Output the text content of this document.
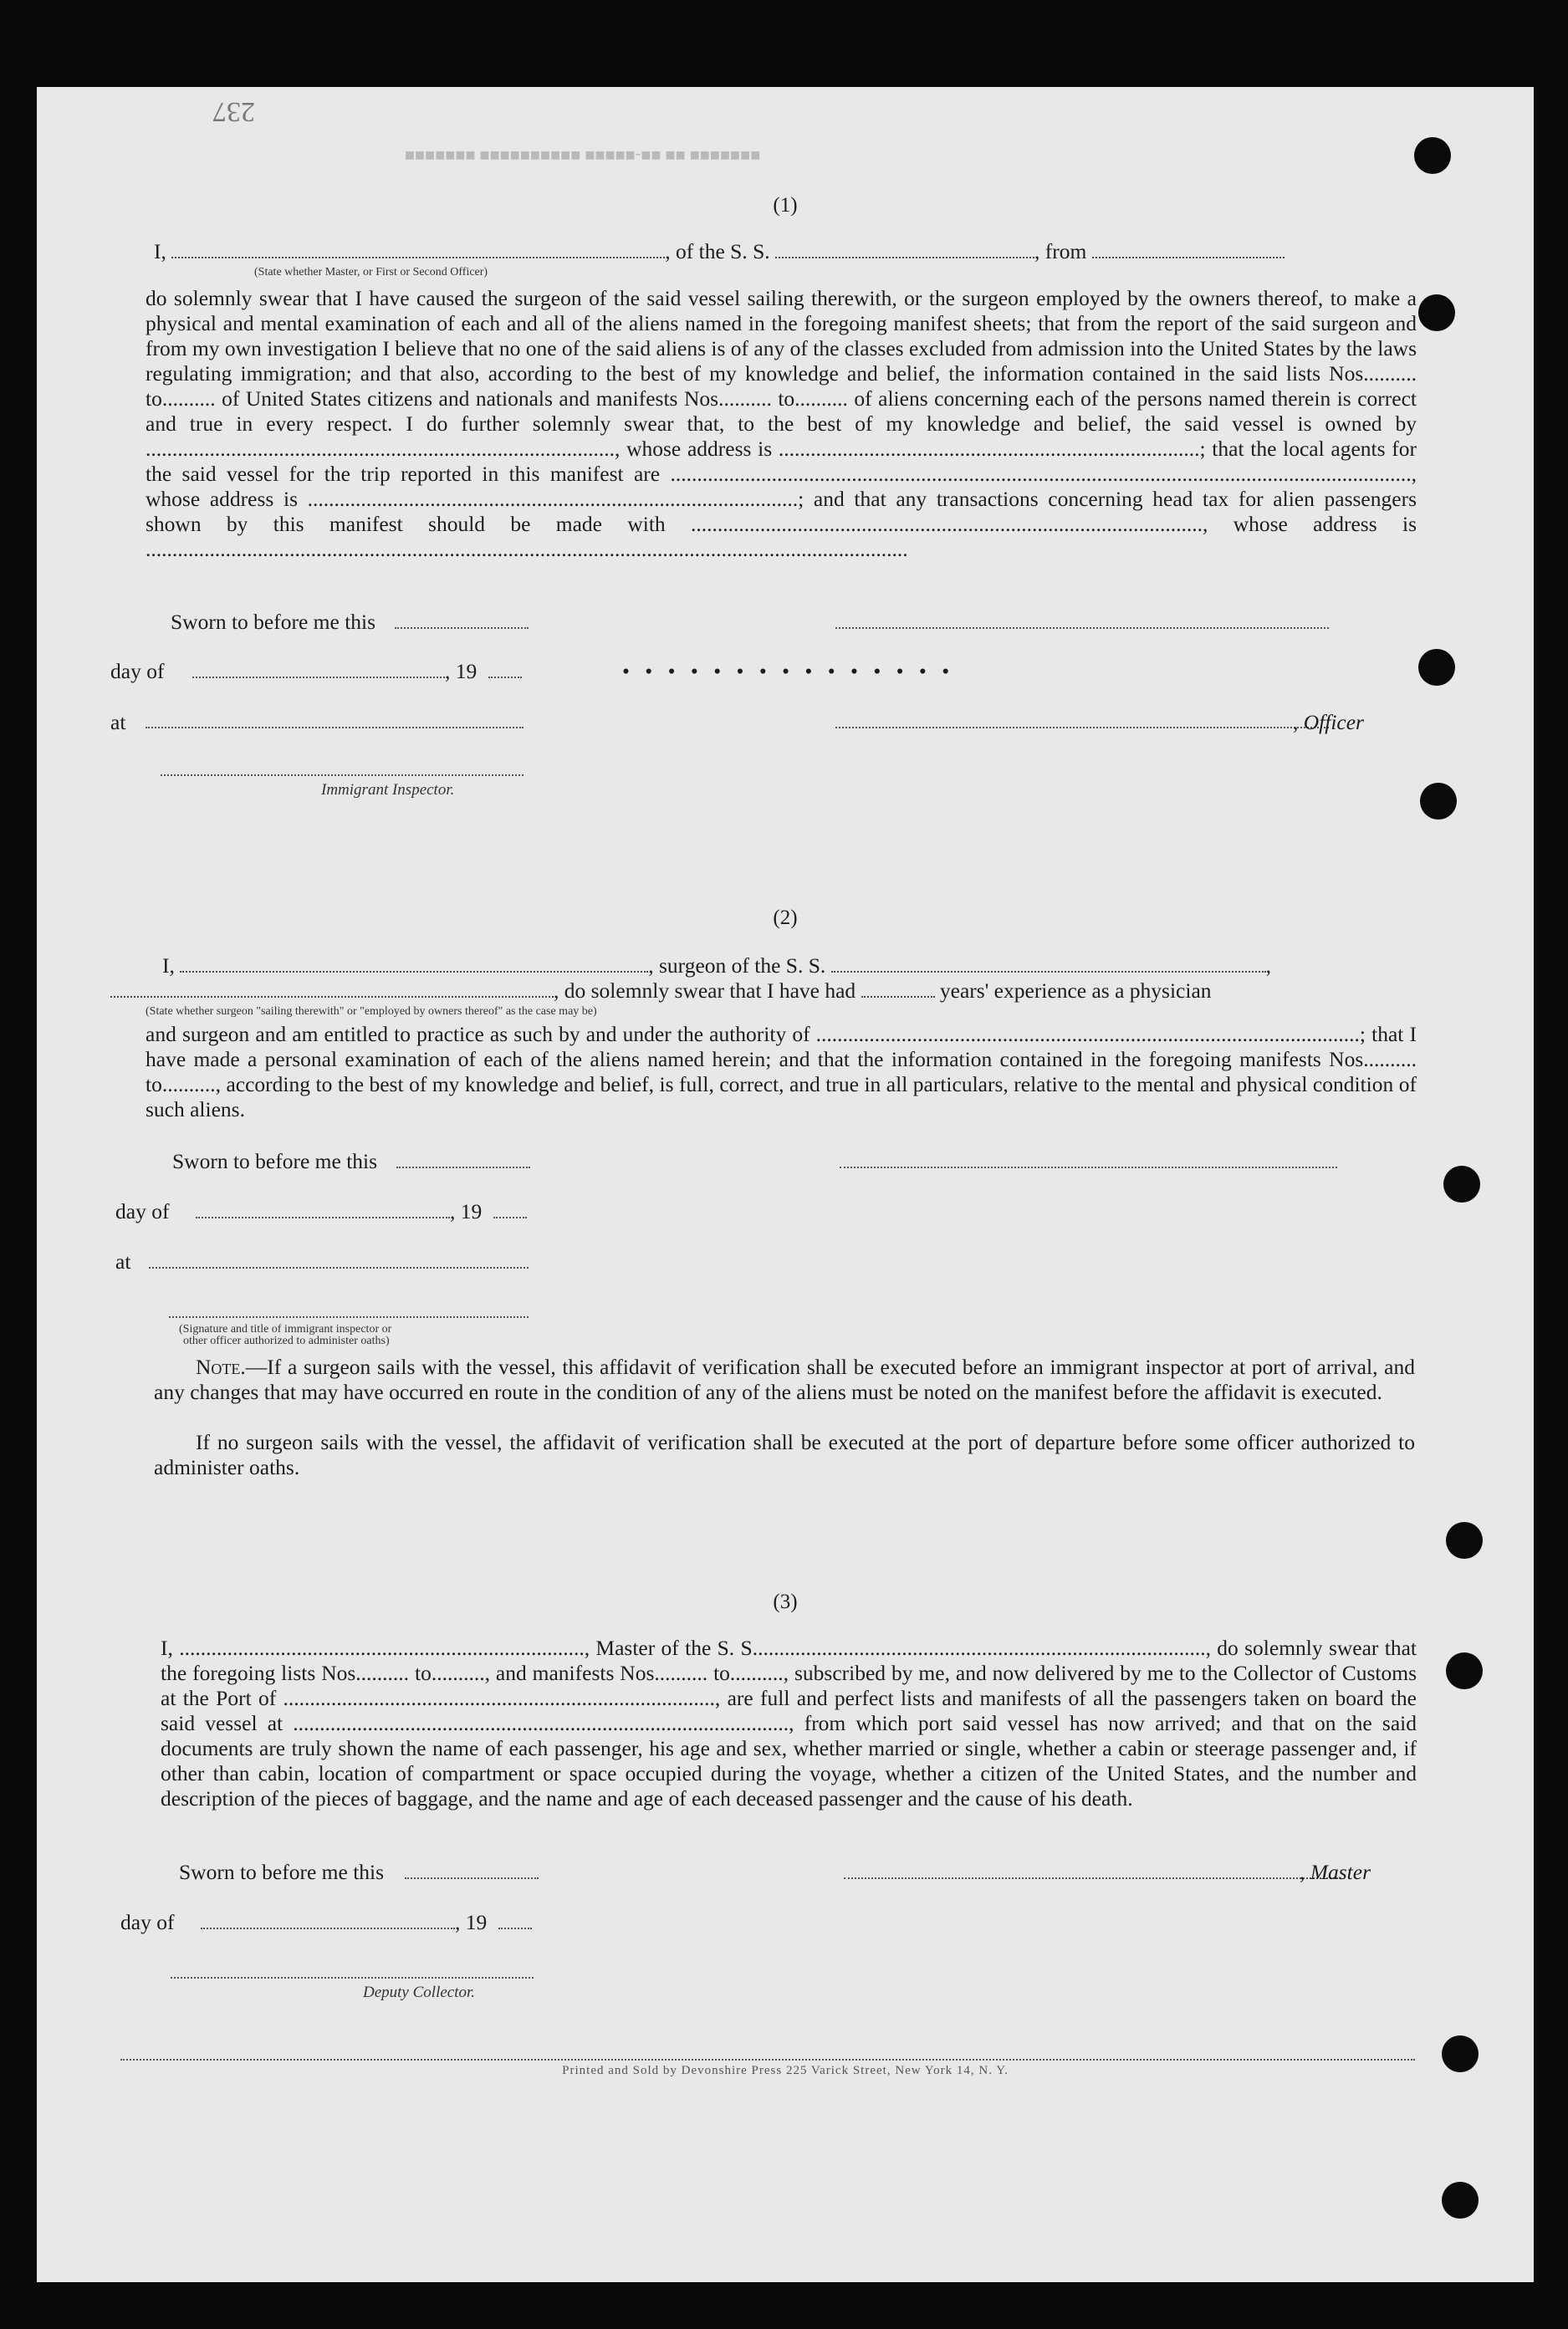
237
■■■■■■■ ■■ ■■-■■■■■ ■■■■■■■■■■ ■■■■■■■
(1)
I,	, of the S. S.	, from
(State whether Master, or First or Second Officer)
do solemnly swear that I have caused the surgeon of the said vessel sailing therewith, or the surgeon employed by the owners thereof, to make a physical and mental examination of each and all of the aliens named in the foregoing manifest sheets; that from the report of the said surgeon and from my own investigation I believe that no one of the said aliens is of any of the classes excluded from admission into the United States by the laws regulating immigration; and that also, according to the best of my knowledge and belief, the information contained in the said lists Nos.......... to.......... of United States citizens and nationals and manifests Nos.......... to.......... of aliens concerning each of the persons named therein is correct and true in every respect. I do further solemnly swear that, to the best of my knowledge and belief, the said vessel is owned by ........................................................................................, whose address is ...............................................................................; that the local agents for the said vessel for the trip reported in this manifest are ..........................................................................................................................................., whose address is ............................................................................................; and that any transactions concerning head tax for alien passengers shown by this manifest should be made with ................................................................................................, whose address is ...............................................................................................................................................
Sworn to before me this
day of	, 19	• • • • • • • • • • • • • • •
at	, Officer
Immigrant Inspector.
(2)
I,	, surgeon of the S. S.	,
, do solemnly swear that I have had	years' experience as a physician
(State whether surgeon "sailing therewith" or "employed by owners thereof" as the case may be)
and surgeon and am entitled to practice as such by and under the authority of ......................................................................................................; that I have made a personal examination of each of the aliens named herein; and that the information contained in the foregoing manifests Nos.......... to.........., according to the best of my knowledge and belief, is full, correct, and true in all particulars, relative to the mental and physical condition of such aliens.
Sworn to before me this
day of	, 19
at
(Signature and title of immigrant inspector or
other officer authorized to administer oaths)
Note.—If a surgeon sails with the vessel, this affidavit of verification shall be executed before an immigrant inspector at port of arrival, and any changes that may have occurred en route in the condition of any of the aliens must be noted on the manifest before the affidavit is executed.
If no surgeon sails with the vessel, the affidavit of verification shall be executed at the port of departure before some officer authorized to administer oaths.
(3)
I, ............................................................................, Master of the S. S....................................................................................., do solemnly swear that the foregoing lists Nos.......... to.........., and manifests Nos.......... to.........., subscribed by me, and now delivered by me to the Collector of Customs at the Port of ................................................................................., are full and perfect lists and manifests of all the passengers taken on board the said vessel at ............................................................................................., from which port said vessel has now arrived; and that on the said documents are truly shown the name of each passenger, his age and sex, whether married or single, whether a cabin or steerage passenger and, if other than cabin, location of compartment or space occupied during the voyage, whether a citizen of the United States, and the number and description of the pieces of baggage, and the name and age of each deceased passenger and the cause of his death.
Sworn to before me this	, Master
day of	, 19
Deputy Collector.
Printed and Sold by Devonshire Press 225 Varick Street, New York 14, N. Y.
